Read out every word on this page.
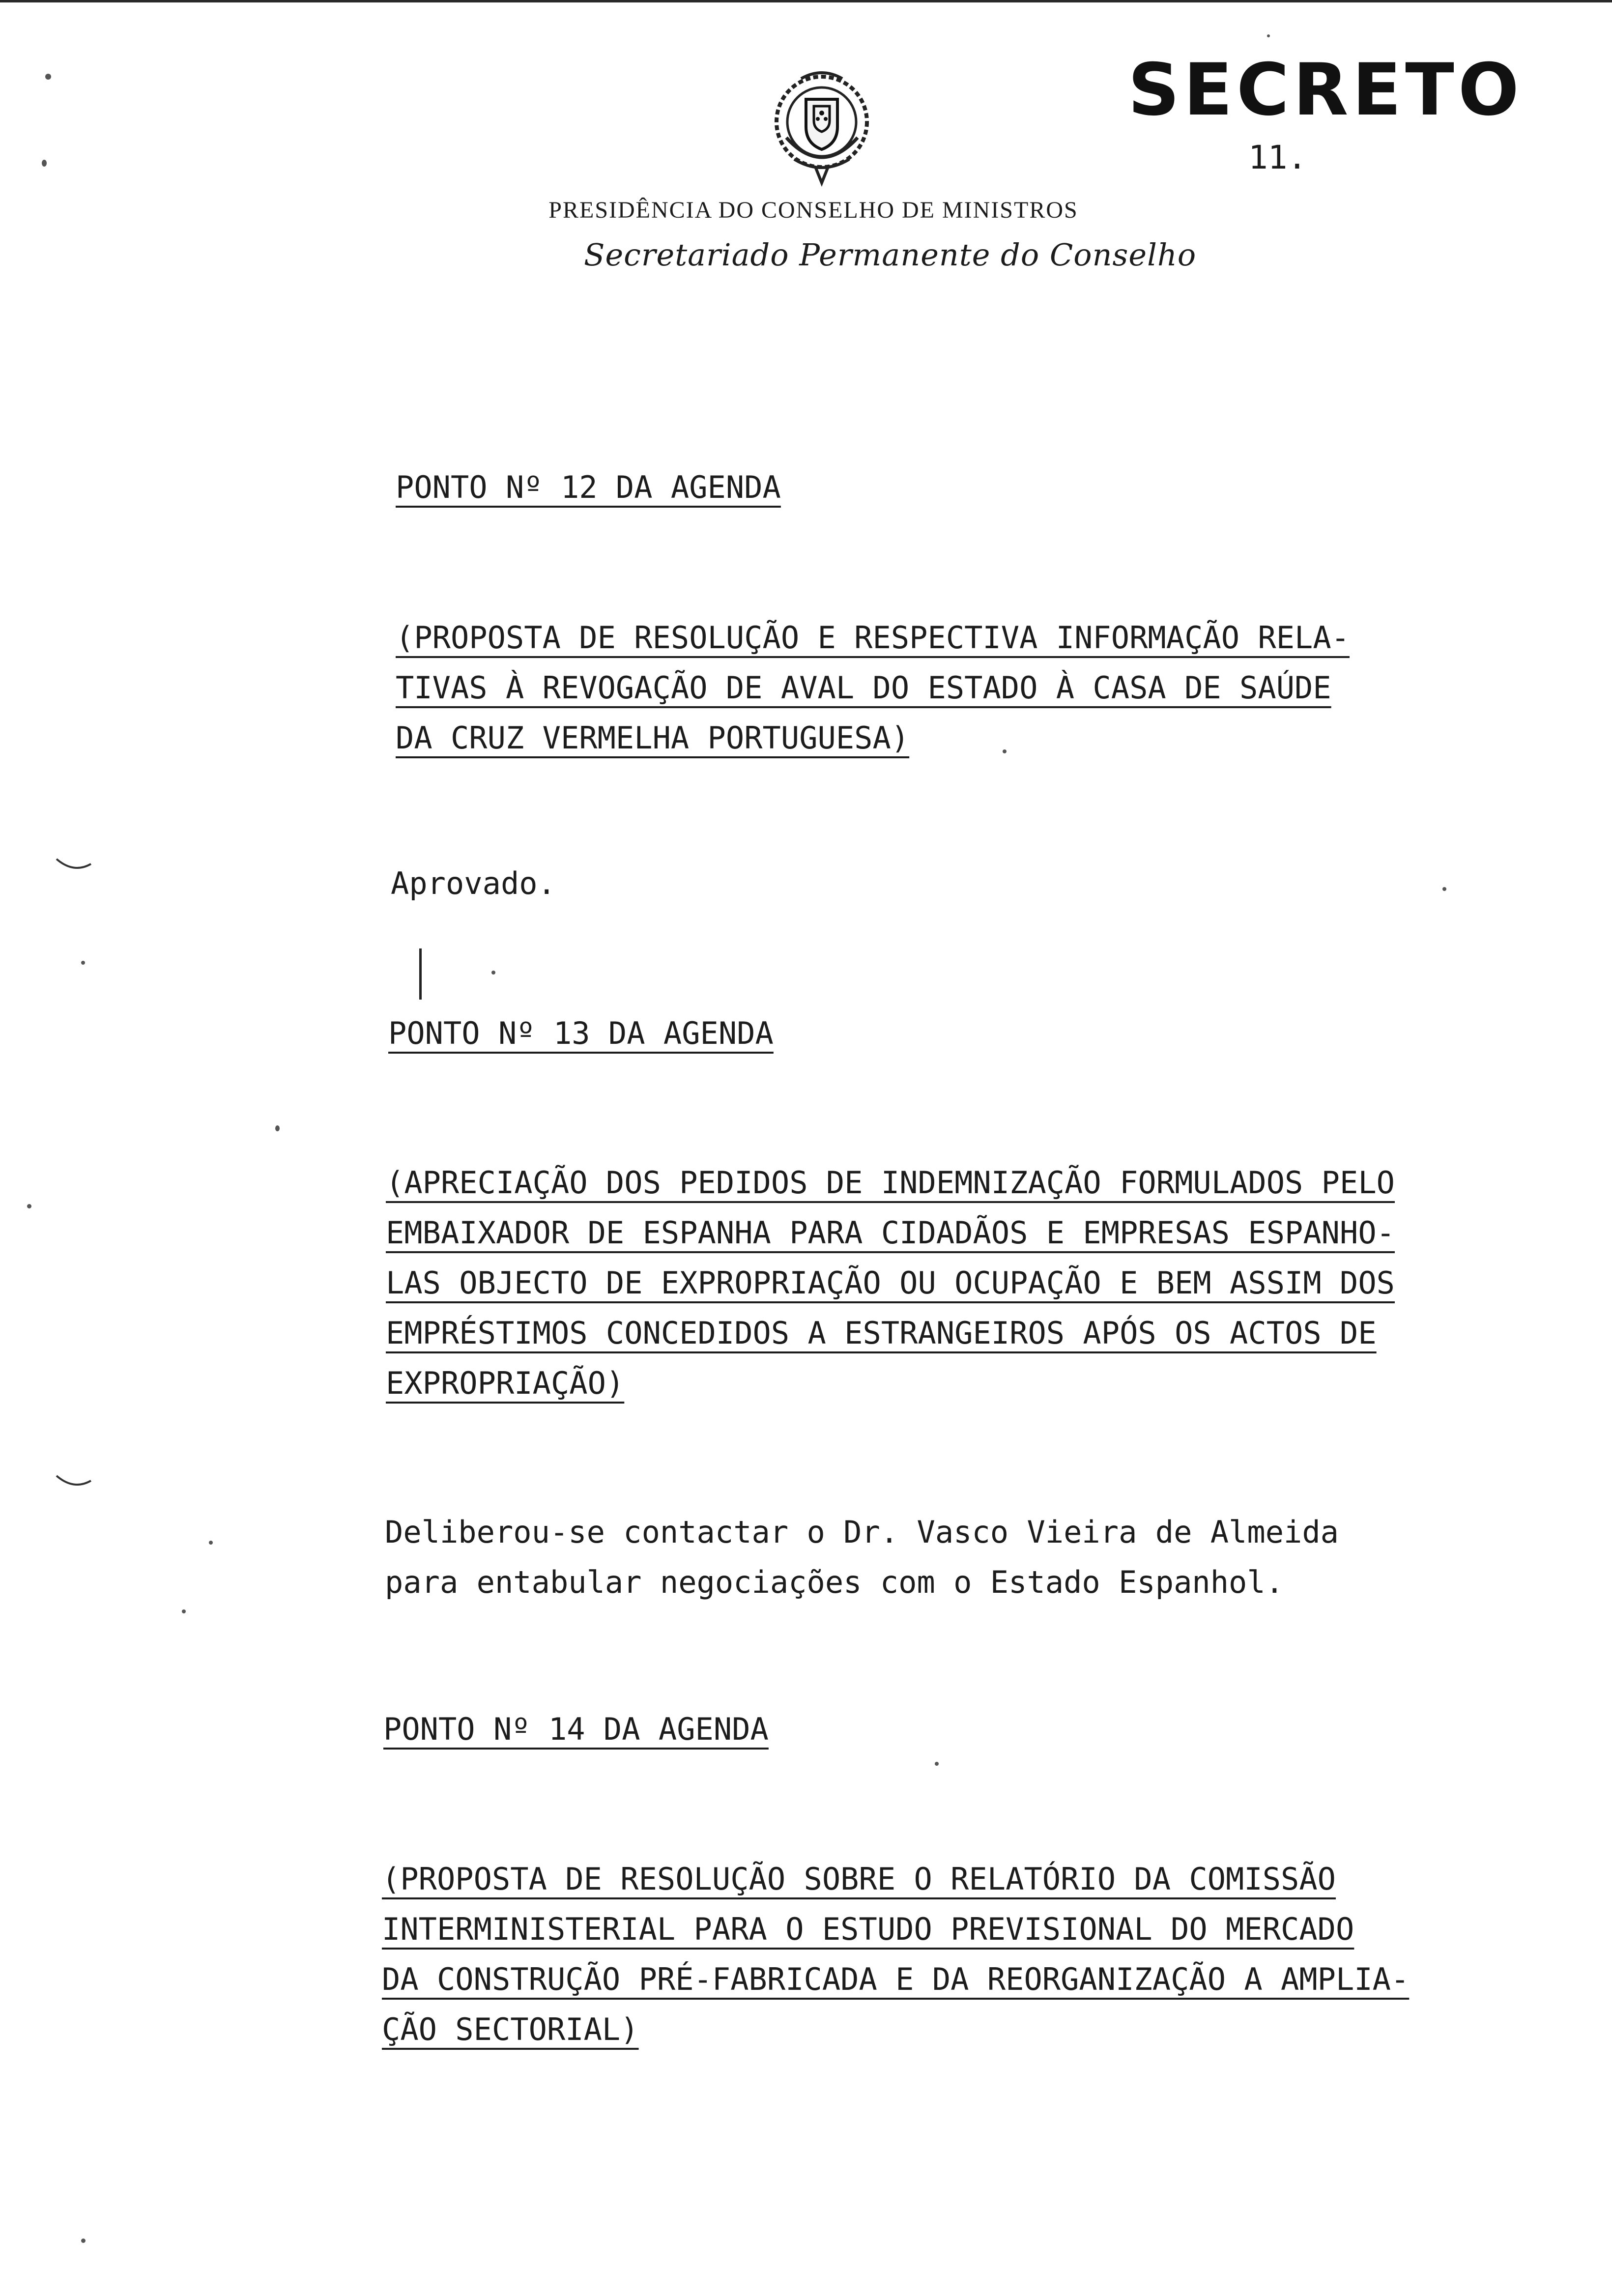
SECRETO
11.
PRESIDÊNCIA DO CONSELHO DE MINISTROS
Secretariado Permanente do Conselho
PONTO Nº 12 DA AGENDA
(PROPOSTA DE RESOLUÇÃO E RESPECTIVA INFORMAÇÃO RELA-
TIVAS À REVOGAÇÃO DE AVAL DO ESTADO À CASA DE SAÚDE
DA CRUZ VERMELHA PORTUGUESA)
Aprovado.
PONTO Nº 13 DA AGENDA
(APRECIAÇÃO DOS PEDIDOS DE INDEMNIZAÇÃO FORMULADOS PELO
EMBAIXADOR DE ESPANHA PARA CIDADÃOS E EMPRESAS ESPANHO-
LAS OBJECTO DE EXPROPRIAÇÃO OU OCUPAÇÃO E BEM ASSIM DOS
EMPRÉSTIMOS CONCEDIDOS A ESTRANGEIROS APÓS OS ACTOS DE
EXPROPRIAÇÃO)
Deliberou-se contactar o Dr. Vasco Vieira de Almeida
para entabular negociações com o Estado Espanhol.
PONTO Nº 14 DA AGENDA
(PROPOSTA DE RESOLUÇÃO SOBRE O RELATÓRIO DA COMISSÃO
INTERMINISTERIAL PARA O ESTUDO PREVISIONAL DO MERCADO
DA CONSTRUÇÃO PRÉ-FABRICADA E DA REORGANIZAÇÃO A AMPLIA-
ÇÃO SECTORIAL)
